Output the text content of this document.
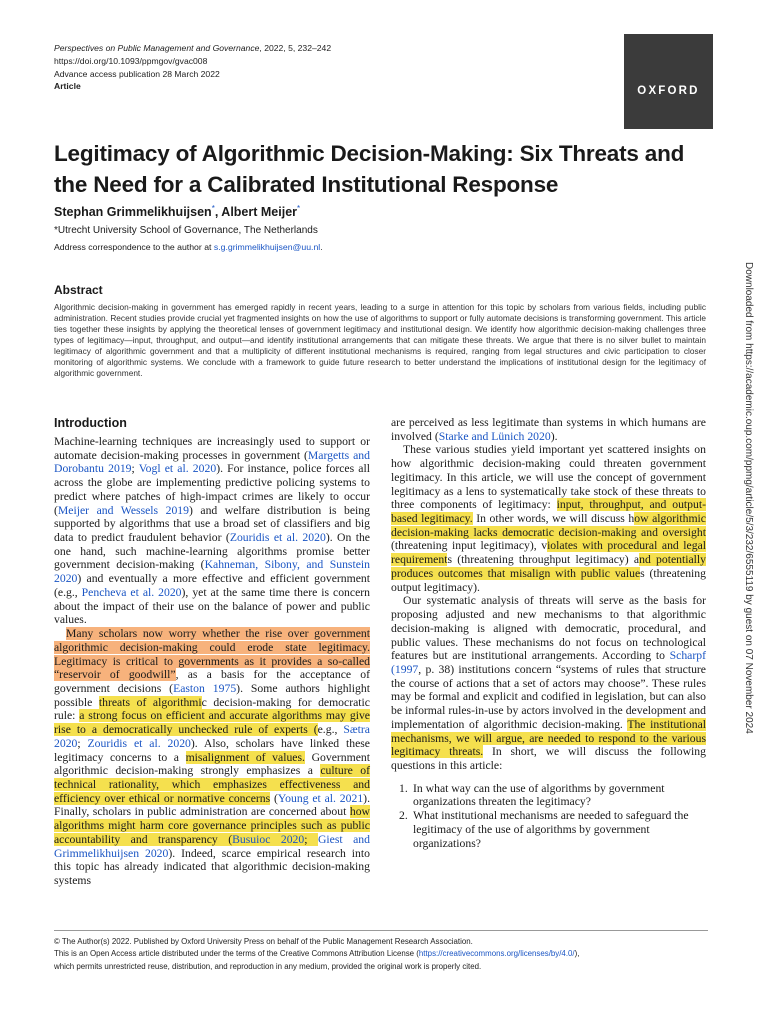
Perspectives on Public Management and Governance, 2022, 5, 232–242
https://doi.org/10.1093/ppmgov/gvac008
Advance access publication 28 March 2022
Article	OXFORD
Legitimacy of Algorithmic Decision-Making: Six Threats and the Need for a Calibrated Institutional Response
Stephan Grimmelikhuijsen*, Albert Meijer*
*Utrecht University School of Governance, The Netherlands
Address correspondence to the author at s.g.grimmelikhuijsen@uu.nl.
Abstract
Algorithmic decision-making in government has emerged rapidly in recent years, leading to a surge in attention for this topic by scholars from various fields, including public administration. Recent studies provide crucial yet fragmented insights on how the use of algorithms to support or fully automate decisions is transforming government. This article ties together these insights by applying the theoretical lenses of government legitimacy and institutional design. We identify how algorithmic decision-making challenges three types of legitimacy—input, throughput, and output—and identify institutional arrangements that can mitigate these threats. We argue that there is no silver bullet to maintain legitimacy of algorithmic government and that a multiplicity of different institutional mechanisms is required, ranging from legal structures and civic participation to closer monitoring of algorithmic systems. We conclude with a framework to guide future research to better understand the implications of institutional design for the legitimacy of algorithmic government.
Introduction

Machine-learning techniques are increasingly used to support or automate decision-making processes in government (Margetts and Dorobantu 2019; Vogl et al. 2020). For instance, police forces all across the globe are implementing predictive policing systems to predict where patches of high-impact crimes are likely to occur (Meijer and Wessels 2019) and welfare distribution is being supported by algorithms that use a broad set of classifiers and big data to predict fraudulent behavior (Zouridis et al. 2020). On the one hand, such machine-learning algorithms promise better government decision-making (Kahneman, Sibony, and Sunstein 2020) and eventually a more effective and efficient government (e.g., Pencheva et al. 2020), yet at the same time there is concern about the impact of their use on the balance of power and public values.

Many scholars now worry whether the rise over government algorithmic decision-making could erode state legitimacy. Legitimacy is critical to governments as it provides a so-called “reservoir of goodwill”, as a basis for the acceptance of government decisions (Easton 1975). Some authors highlight possible threats of algorithmic decision-making for democratic rule: a strong focus on efficient and accurate algorithms may give rise to a democratically unchecked rule of experts (e.g., Sætra 2020; Zouridis et al. 2020). Also, scholars have linked these legitimacy concerns to a misalignment of values. Government algorithmic decision-making strongly emphasizes a culture of technical rationality, which emphasizes effectiveness and efficiency over ethical or normative concerns (Young et al. 2021). Finally, scholars in public administration are concerned about how algorithms might harm core governance principles such as public accountability and transparency (Busuioc 2020; Giest and Grimmelikhuijsen 2020). Indeed, scarce empirical research into this topic has already indicated that algorithmic decision-making systems

are perceived as less legitimate than systems in which humans are involved (Starke and Lünich 2020).

These various studies yield important yet scattered insights on how algorithmic decision-making could threaten government legitimacy. In this article, we will use the concept of government legitimacy as a lens to systematically take stock of these threats to three components of legitimacy: input, throughput, and output-based legitimacy. In other words, we will discuss how algorithmic decision-making lacks democratic decision-making and oversight (threatening input legitimacy), violates with procedural and legal requirements (threatening throughput legitimacy) and potentially produces outcomes that misalign with public values (threatening output legitimacy).

Our systematic analysis of threats will serve as the basis for proposing adjusted and new mechanisms to that algorithmic decision-making is aligned with democratic, procedural, and public values. These mechanisms do not focus on technological features but are institutional arrangements. According to Scharpf (1997, p. 38) institutions concern “systems of rules that structure the course of actions that a set of actors may choose”. These rules may be formal and explicit and codified in legislation, but can also be informal rules-in-use by actors involved in the development and implementation of algorithmic decision-making. The institutional mechanisms, we will argue, are needed to respond to the various legitimacy threats. In short, we will discuss the following questions in this article:

1. In what way can the use of algorithms by government organizations threaten the legitimacy?
2. What institutional mechanisms are needed to safeguard the legitimacy of the use of algorithms by government organizations?
© The Author(s) 2022. Published by Oxford University Press on behalf of the Public Management Research Association.
This is an Open Access article distributed under the terms of the Creative Commons Attribution License (https://creativecommons.org/licenses/by/4.0/),
which permits unrestricted reuse, distribution, and reproduction in any medium, provided the original work is properly cited.
Downloaded from https://academic.oup.com/ppmg/article/5/3/232/6555119 by guest on 07 November 2024
